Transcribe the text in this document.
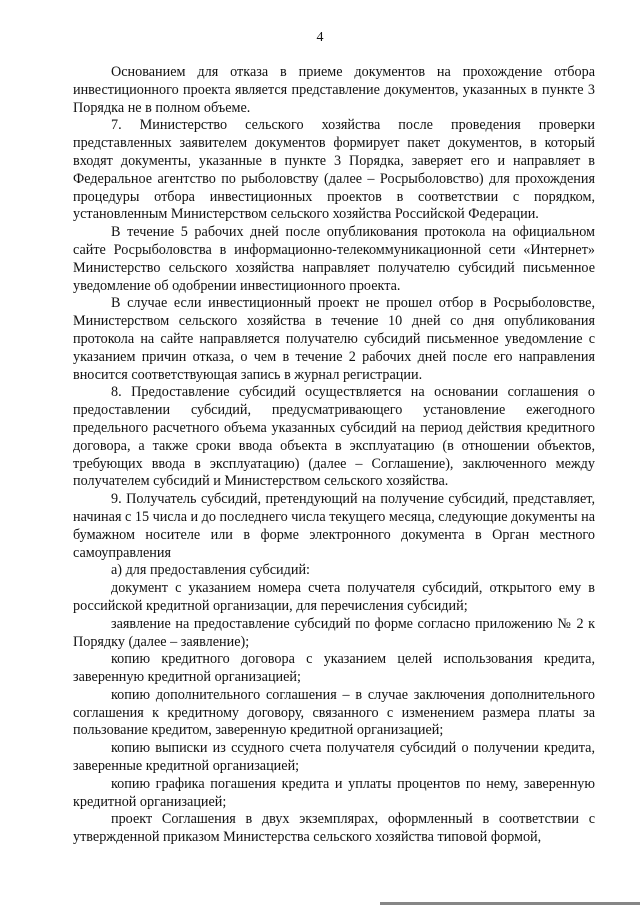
4

Основанием для отказа в приеме документов на прохождение отбора инвестиционного проекта является представление документов, указанных в пункте 3 Порядка не в полном объеме.

7. Министерство сельского хозяйства после проведения проверки представленных заявителем документов формирует пакет документов, в который входят документы, указанные в пункте 3 Порядка, заверяет его и направляет в Федеральное агентство по рыболовству (далее – Росрыболовство) для прохождения процедуры отбора инвестиционных проектов в соответствии с порядком, установленным Министерством сельского хозяйства Российской Федерации.

В течение 5 рабочих дней после опубликования протокола на официальном сайте Росрыболовства в информационно-телекоммуникационной сети «Интернет» Министерство сельского хозяйства направляет получателю субсидий письменное уведомление об одобрении инвестиционного проекта.

В случае если инвестиционный проект не прошел отбор в Росрыболовстве, Министерством сельского хозяйства в течение 10 дней со дня опубликования протокола на сайте направляется получателю субсидий письменное уведомление с указанием причин отказа, о чем в течение 2 рабочих дней после его направления вносится соответствующая запись в журнал регистрации.

8. Предоставление субсидий осуществляется на основании соглашения о предоставлении субсидий, предусматривающего установление ежегодного предельного расчетного объема указанных субсидий на период действия кредитного договора, а также сроки ввода объекта в эксплуатацию (в отношении объектов, требующих ввода в эксплуатацию) (далее – Соглашение), заключенного между получателем субсидий и Министерством сельского хозяйства.

9. Получатель субсидий, претендующий на получение субсидий, представляет, начиная с 15 числа и до последнего числа текущего месяца, следующие документы на бумажном носителе или в форме электронного документа в Орган местного самоуправления

а) для предоставления субсидий:

документ с указанием номера счета получателя субсидий, открытого ему в российской кредитной организации, для перечисления субсидий;

заявление на предоставление субсидий по форме согласно приложению № 2 к Порядку (далее – заявление);

копию кредитного договора с указанием целей использования кредита, заверенную кредитной организацией;

копию дополнительного соглашения – в случае заключения дополнительного соглашения к кредитному договору, связанного с изменением размера платы за пользование кредитом, заверенную кредитной организацией;

копию выписки из ссудного счета получателя субсидий о получении кредита, заверенные кредитной организацией;

копию графика погашения кредита и уплаты процентов по нему, заверенную кредитной организацией;

проект Соглашения в двух экземплярах, оформленный в соответствии с утвержденной приказом Министерства сельского хозяйства типовой формой,
